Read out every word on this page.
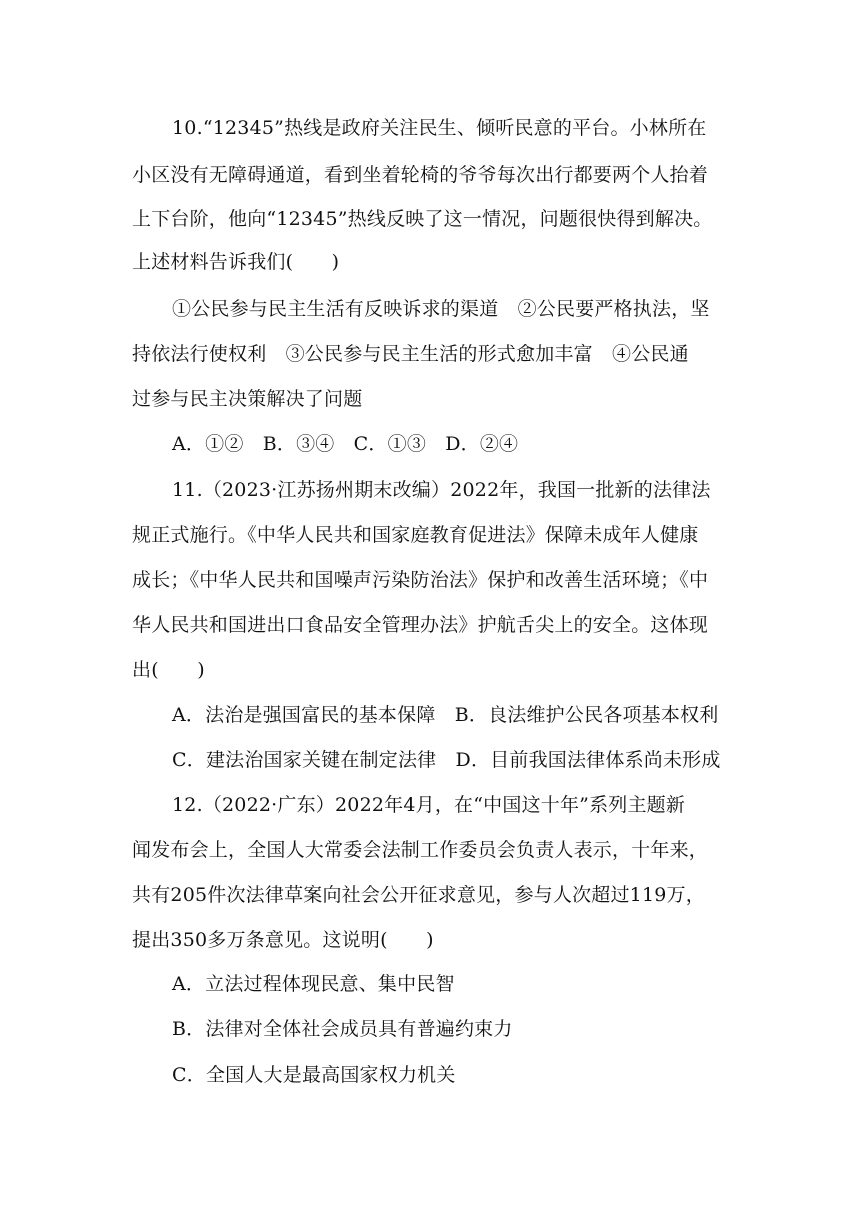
10.“12345”热线是政府关注民生、倾听民意的平台。小林所在
小区没有无障碍通道，看到坐着轮椅的爷爷每次出行都要两个人抬着
上下台阶，他向“12345”热线反映了这一情况，问题很快得到解决。
上述材料告诉我们(　　)
①公民参与民主生活有反映诉求的渠道　②公民要严格执法，坚
持依法行使权利　③公民参与民主生活的形式愈加丰富　④公民通
过参与民主决策解决了问题
A．①②　B．③④　C．①③　D．②④
11.（2023·江苏扬州期末改编）2022年，我国一批新的法律法
规正式施行。《中华人民共和国家庭教育促进法》保障未成年人健康
成长；《中华人民共和国噪声污染防治法》保护和改善生活环境；《中
华人民共和国进出口食品安全管理办法》护航舌尖上的安全。这体现
出(　　)
A．法治是强国富民的基本保障　B．良法维护公民各项基本权利
C．建法治国家关键在制定法律　D．目前我国法律体系尚未形成
12.（2022·广东）2022年4月，在“中国这十年”系列主题新
闻发布会上，全国人大常委会法制工作委员会负责人表示，十年来，
共有205件次法律草案向社会公开征求意见，参与人次超过119万，
提出350多万条意见。这说明(　　)
A．立法过程体现民意、集中民智
B．法律对全体社会成员具有普遍约束力
C．全国人大是最高国家权力机关
